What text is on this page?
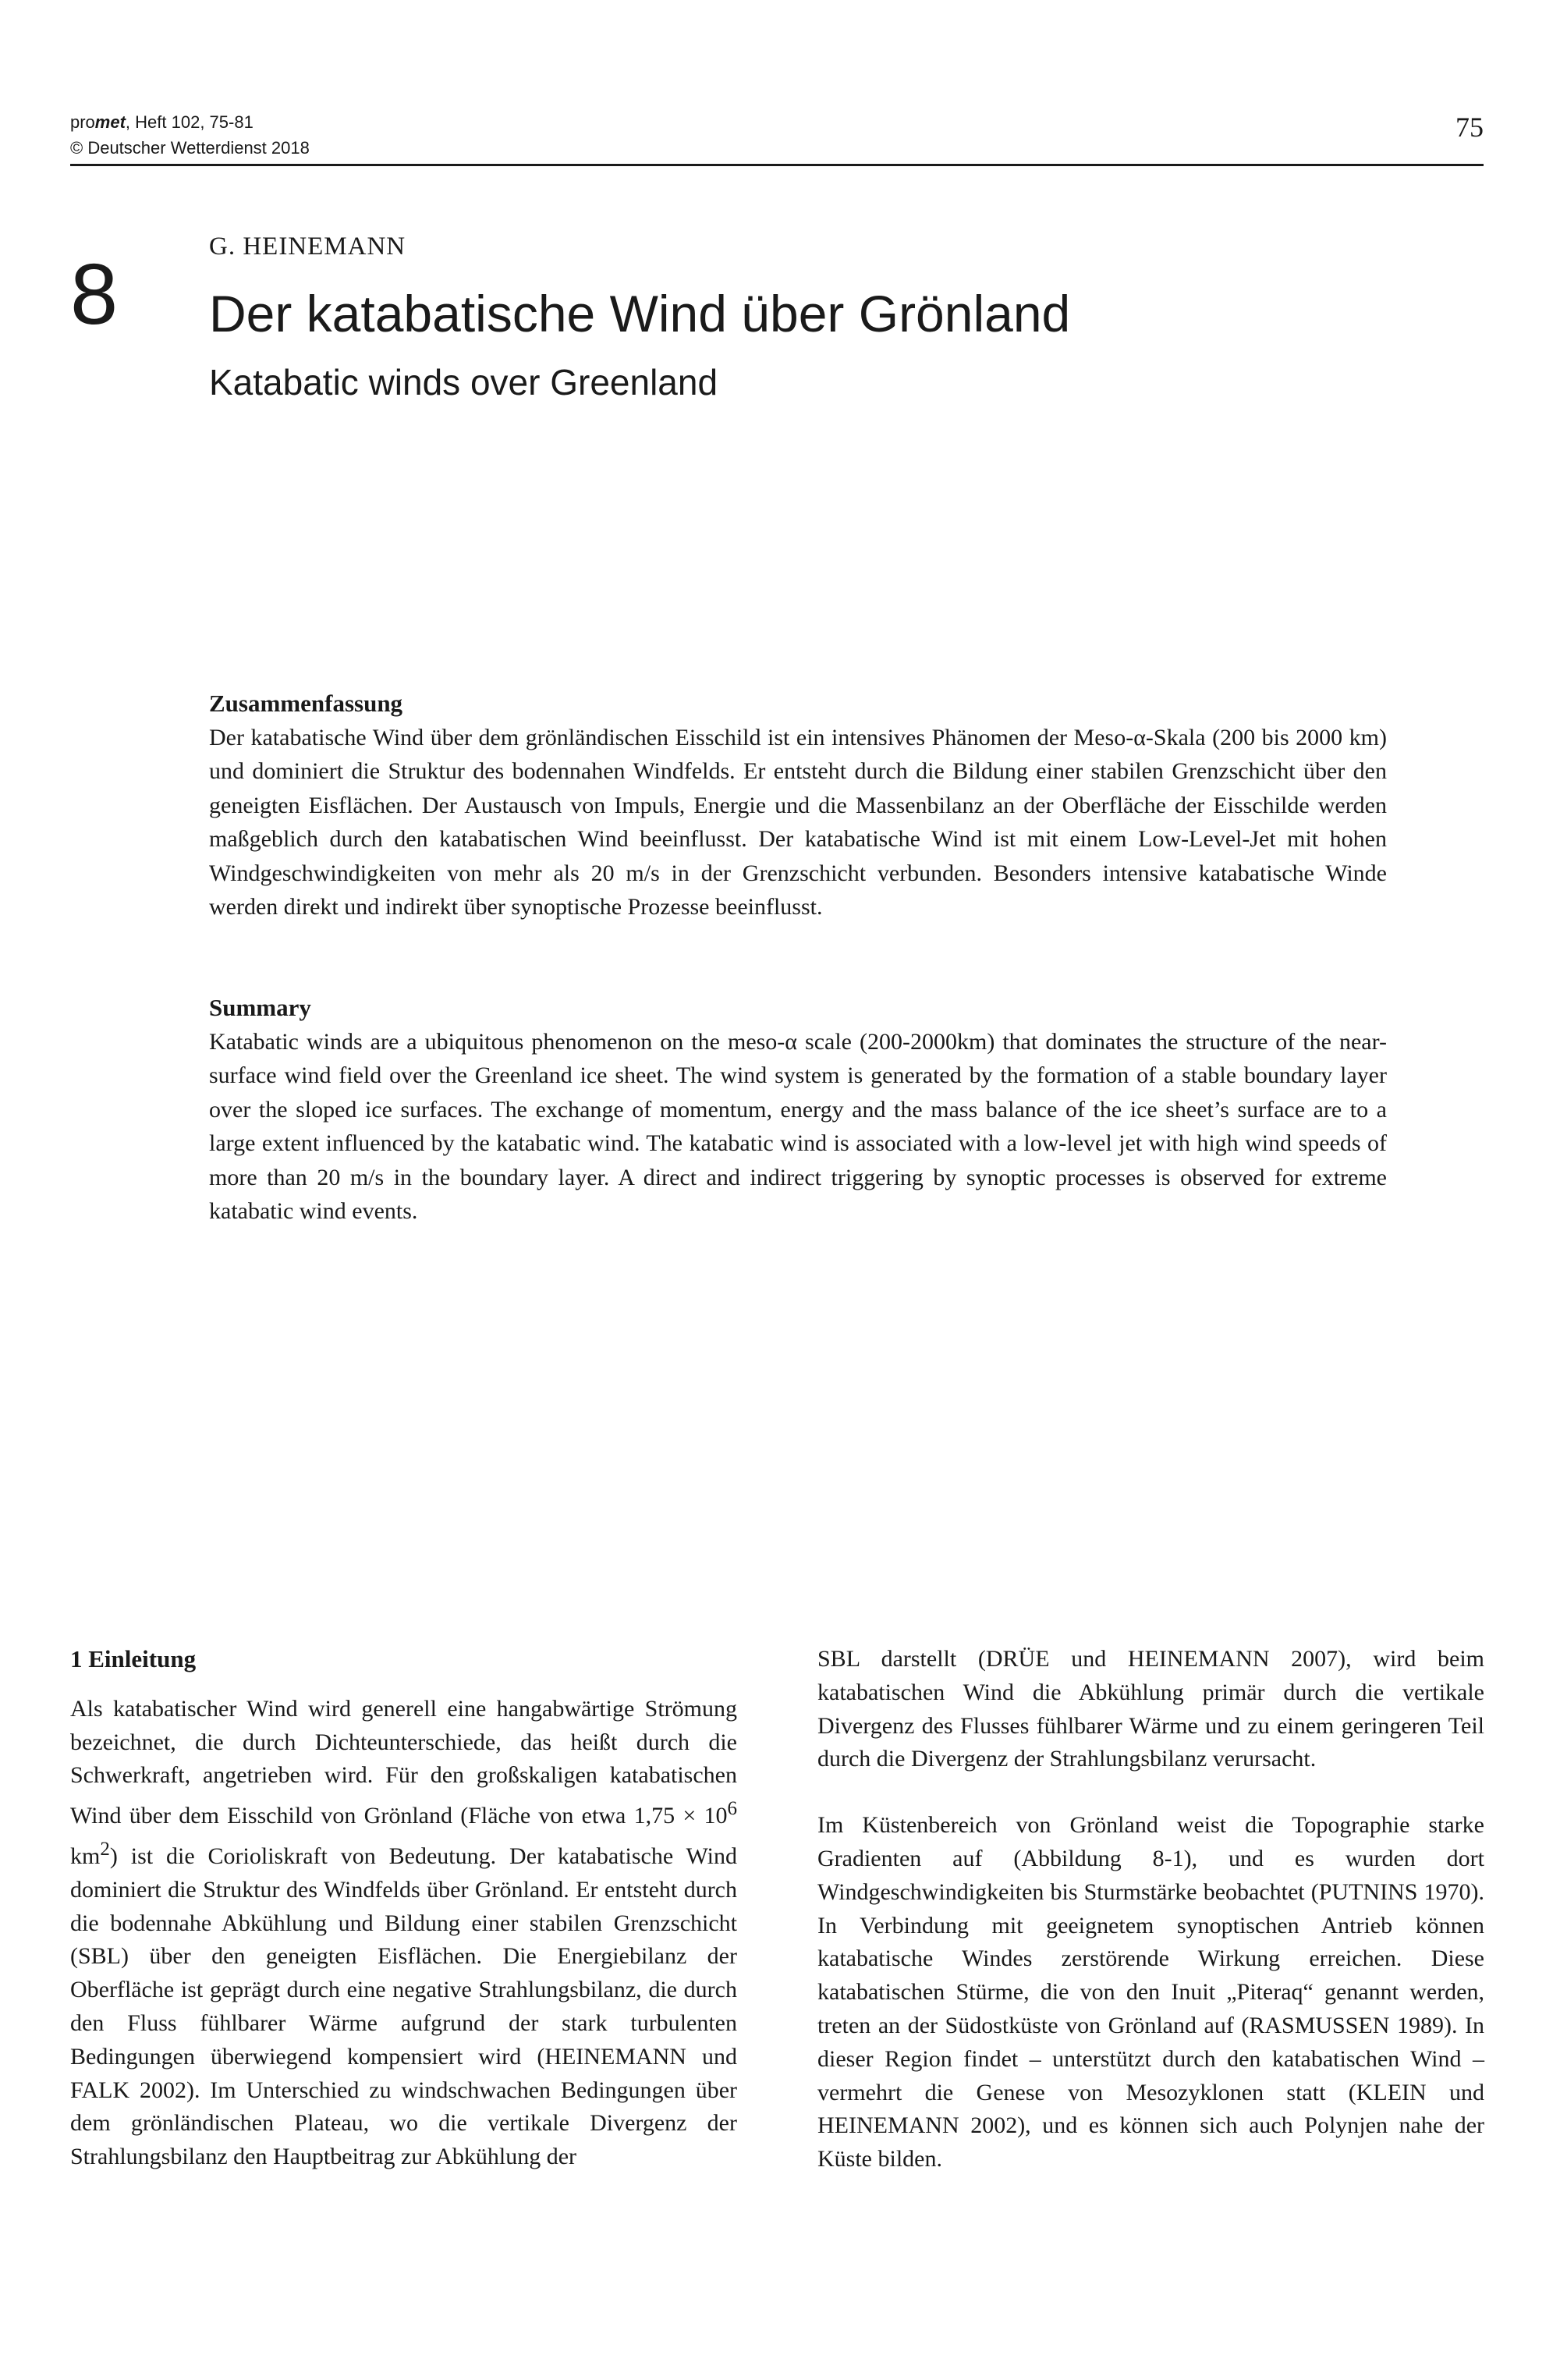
promet, Heft 102, 75-81
© Deutscher Wetterdienst 2018
75
8	G. HEINEMANN
Der katabatische Wind über Grönland
Katabatic winds over Greenland
Zusammenfassung

Der katabatische Wind über dem grönländischen Eisschild ist ein intensives Phänomen der Meso-α-Skala (200 bis 2000 km) und dominiert die Struktur des bodennahen Windfelds. Er entsteht durch die Bildung einer stabilen Grenzschicht über den geneigten Eisflächen. Der Austausch von Impuls, Energie und die Massenbilanz an der Oberfläche der Eisschilde werden maßgeblich durch den katabatischen Wind beeinflusst. Der katabatische Wind ist mit einem Low-Level-Jet mit hohen Windgeschwindigkeiten von mehr als 20 m/s in der Grenzschicht verbunden. Besonders intensive katabatische Winde werden direkt und indirekt über synoptische Prozesse beeinflusst.

Summary

Katabatic winds are a ubiquitous phenomenon on the meso-α scale (200-2000km) that dominates the structure of the near-surface wind field over the Greenland ice sheet. The wind system is generated by the formation of a stable boundary layer over the sloped ice surfaces. The exchange of momentum, energy and the mass balance of the ice sheet’s surface are to a large extent influenced by the katabatic wind. The katabatic wind is associated with a low-level jet with high wind speeds of more than 20 m/s in the boundary layer. A direct and indirect triggering by synoptic processes is observed for extreme katabatic wind events.

1 Einleitung

Als katabatischer Wind wird generell eine hangabwärtige Strömung bezeichnet, die durch Dichteunterschiede, das heißt durch die Schwerkraft, angetrieben wird. Für den großskaligen katabatischen Wind über dem Eisschild von Grönland (Fläche von etwa $1,75 \times 10^6$ $km^2$) ist die Corioliskraft von Bedeutung. Der katabatische Wind dominiert die Struktur des Windfelds über Grönland. Er entsteht durch die bodennahe Abkühlung und Bildung einer stabilen Grenzschicht (SBL) über den geneigten Eisflächen. Die Energiebilanz der Oberfläche ist geprägt durch eine negative Strahlungsbilanz, die durch den Fluss fühlbarer Wärme aufgrund der stark turbulenten Bedingungen überwiegend kompensiert wird (HEINEMANN und FALK 2002). Im Unterschied zu windschwachen Bedingungen über dem grönländischen Plateau, wo die vertikale Divergenz der Strahlungsbilanz den Hauptbeitrag zur Abkühlung der

SBL darstellt (DRÜE und HEINEMANN 2007), wird beim katabatischen Wind die Abkühlung primär durch die vertikale Divergenz des Flusses fühlbarer Wärme und zu einem geringeren Teil durch die Divergenz der Strahlungsbilanz verursacht.

Im Küstenbereich von Grönland weist die Topographie starke Gradienten auf (Abbildung 8-1), und es wurden dort Windgeschwindigkeiten bis Sturmstärke beobachtet (PUTNINS 1970). In Verbindung mit geeignetem synoptischen Antrieb können katabatische Windes zerstörende Wirkung erreichen. Diese katabatischen Stürme, die von den Inuit „Piteraq“ genannt werden, treten an der Südostküste von Grönland auf (RASMUSSEN 1989). In dieser Region findet – unterstützt durch den katabatischen Wind – vermehrt die Genese von Mesozyklonen statt (KLEIN und HEINEMANN 2002), und es können sich auch Polynjen nahe der Küste bilden.
